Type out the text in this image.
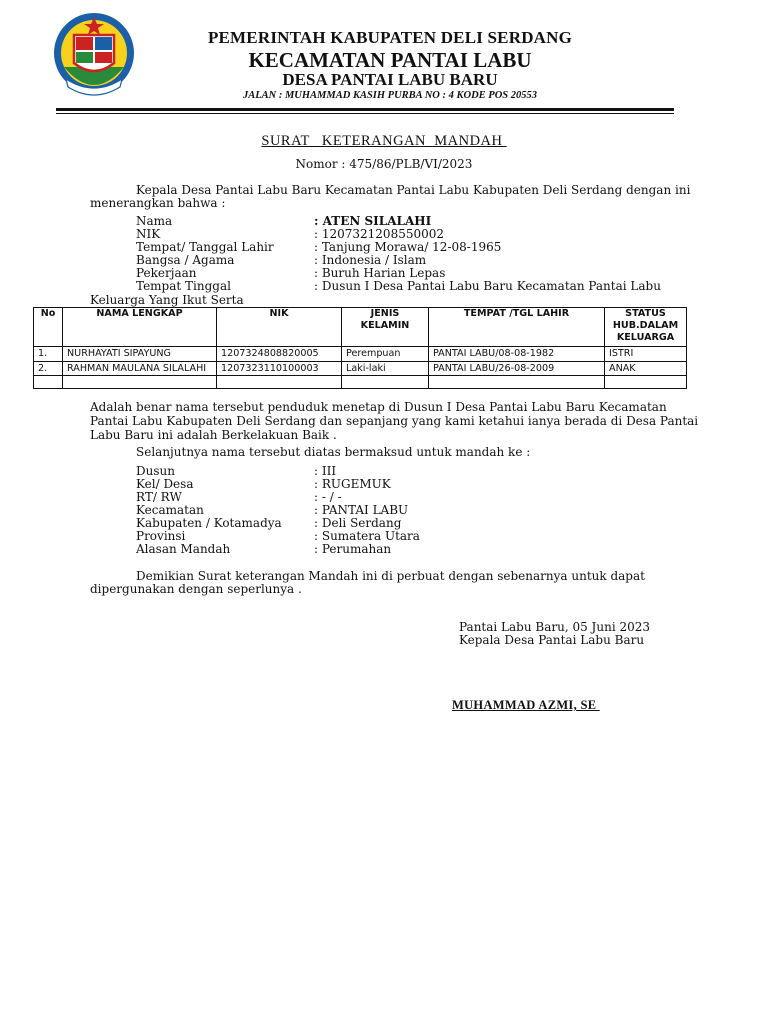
PEMERINTAH KABUPATEN DELI SERDANG
KECAMATAN PANTAI LABU
DESA PANTAI LABU BARU
JALAN : MUHAMMAD KASIH PURBA NO : 4 KODE POS 20553
SURAT   KETERANGAN  MANDAH
Nomor : 475/86/PLB/VI/2023
Kepala Desa Pantai Labu Baru Kecamatan Pantai Labu Kabupaten Deli Serdang dengan ini
menerangkan bahwa :
Nama	: ATEN SILALAHI
NIK	: 1207321208550002
Tempat/ Tanggal Lahir	: Tanjung Morawa/ 12-08-1965
Bangsa / Agama	: Indonesia / Islam
Pekerjaan	: Buruh Harian Lepas
Tempat Tinggal	: Dusun I Desa Pantai Labu Baru Kecamatan Pantai Labu
Keluarga Yang Ikut Serta
No	NAMA LENGKAP	NIK	JENIS KELAMIN	TEMPAT /TGL LAHIR	STATUS HUB.DALAM KELUARGA
1.	NURHAYATI SIPAYUNG	1207324808820005	Perempuan	PANTAI LABU/08-08-1982	ISTRI
2.	RAHMAN MAULANA SILALAHI	1207323110100003	Laki-laki	PANTAI LABU/26-08-2009	ANAK

Adalah benar nama tersebut penduduk menetap di Dusun I Desa Pantai Labu Baru Kecamatan
Pantai Labu Kabupaten Deli Serdang dan sepanjang yang kami ketahui ianya berada di Desa Pantai
Labu Baru ini adalah Berkelakuan Baik .
Selanjutnya nama tersebut diatas bermaksud untuk mandah ke :
Dusun	: III
Kel/ Desa	: RUGEMUK
RT/ RW	: - / -
Kecamatan	: PANTAI LABU
Kabupaten / Kotamadya	: Deli Serdang
Provinsi	: Sumatera Utara
Alasan Mandah	: Perumahan
Demikian Surat keterangan Mandah ini di perbuat dengan sebenarnya untuk dapat
dipergunakan dengan seperlunya .
Pantai Labu Baru, 05 Juni 2023
Kepala Desa Pantai Labu Baru
MUHAMMAD AZMI, SE
